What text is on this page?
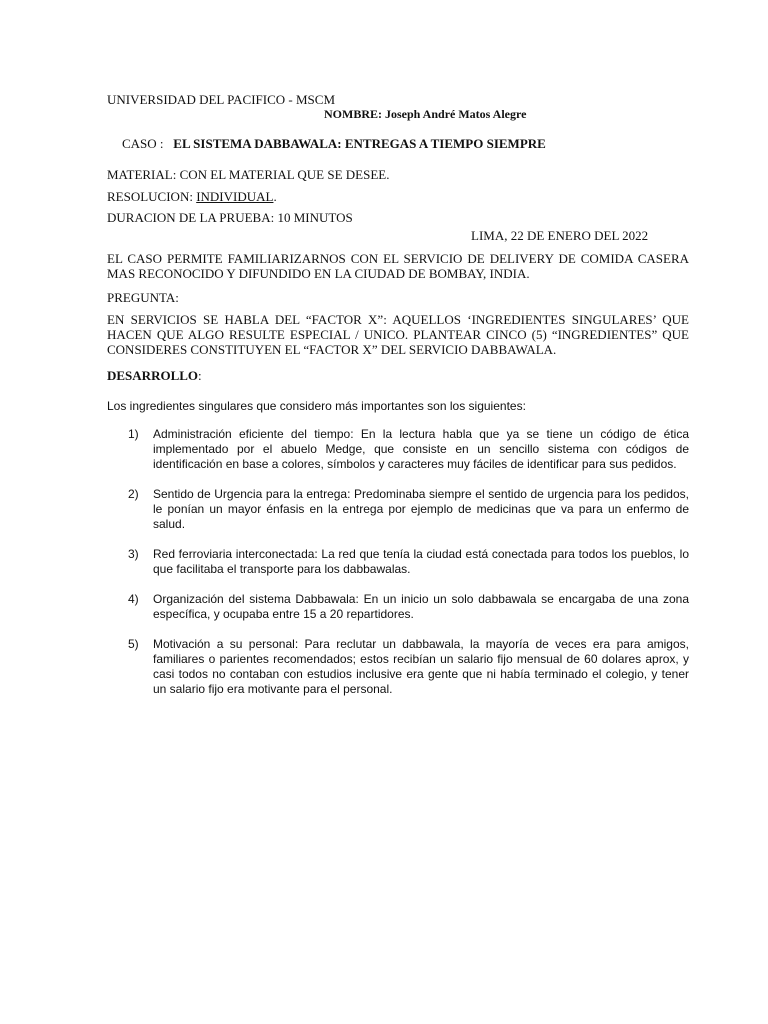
UNIVERSIDAD DEL PACIFICO - MSCM

NOMBRE: Joseph André Matos Alegre

CASO : EL SISTEMA DABBAWALA: ENTREGAS A TIEMPO SIEMPRE

MATERIAL: CON EL MATERIAL QUE SE DESEE.

RESOLUCION: INDIVIDUAL.

DURACION DE LA PRUEBA: 10 MINUTOS

LIMA, 22 DE ENERO DEL 2022

EL CASO PERMITE FAMILIARIZARNOS CON EL SERVICIO DE DELIVERY DE COMIDA CASERA MAS RECONOCIDO Y DIFUNDIDO EN LA CIUDAD DE BOMBAY, INDIA.

PREGUNTA:

EN SERVICIOS SE HABLA DEL “FACTOR X”: AQUELLOS ‘INGREDIENTES SINGULARES’ QUE HACEN QUE ALGO RESULTE ESPECIAL / UNICO. PLANTEAR CINCO (5) “INGREDIENTES” QUE CONSIDERES CONSTITUYEN EL “FACTOR X” DEL SERVICIO DABBAWALA.

DESARROLLO:

Los ingredientes singulares que considero más importantes son los siguientes:

1) Administración eficiente del tiempo: En la lectura habla que ya se tiene un código de ética implementado por el abuelo Medge, que consiste en un sencillo sistema con códigos de identificación en base a colores, símbolos y caracteres muy fáciles de identificar para sus pedidos.
2) Sentido de Urgencia para la entrega: Predominaba siempre el sentido de urgencia para los pedidos, le ponían un mayor énfasis en la entrega por ejemplo de medicinas que va para un enfermo de salud.
3) Red ferroviaria interconectada: La red que tenía la ciudad está conectada para todos los pueblos, lo que facilitaba el transporte para los dabbawalas.
4) Organización del sistema Dabbawala: En un inicio un solo dabbawala se encargaba de una zona específica, y ocupaba entre 15 a 20 repartidores.
5) Motivación a su personal: Para reclutar un dabbawala, la mayoría de veces era para amigos, familiares o parientes recomendados; estos recibían un salario fijo mensual de 60 dolares aprox, y casi todos no contaban con estudios inclusive era gente que ni había terminado el colegio, y tener un salario fijo era motivante para el personal.
